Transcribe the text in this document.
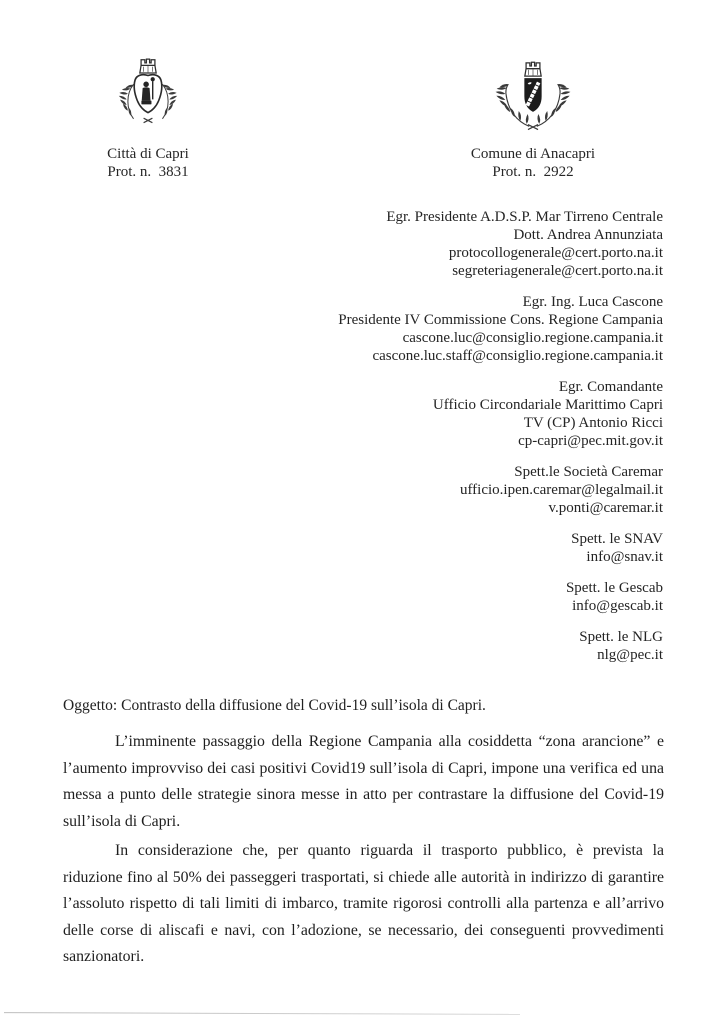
Città di Capri
Prot. n.  3831
Comune di Anacapri
Prot. n.  2922
Egr. Presidente A.D.S.P. Mar Tirreno Centrale
Dott. Andrea Annunziata
protocollogenerale@cert.porto.na.it
segreteriagenerale@cert.porto.na.it
Egr. Ing. Luca Cascone
Presidente IV Commissione Cons. Regione Campania
cascone.luc@consiglio.regione.campania.it
cascone.luc.staff@consiglio.regione.campania.it
Egr. Comandante
Ufficio Circondariale Marittimo Capri
TV (CP) Antonio Ricci
cp-capri@pec.mit.gov.it
Spett.le Società Caremar
ufficio.ipen.caremar@legalmail.it
v.ponti@caremar.it
Spett. le SNAV
info@snav.it
Spett. le Gescab
info@gescab.it
Spett. le NLG
nlg@pec.it
Oggetto: Contrasto della diffusione del Covid-19 sull’isola di Capri.

L’imminente passaggio della Regione Campania alla cosiddetta “zona arancione” e l’aumento improvviso dei casi positivi Covid19 sull’isola di Capri, impone una verifica ed una messa a punto delle strategie sinora messe in atto per contrastare la diffusione del Covid-19 sull’isola di Capri.

In considerazione che, per quanto riguarda il trasporto pubblico, è prevista la riduzione fino al 50% dei passeggeri trasportati, si chiede alle autorità in indirizzo di garantire l’assoluto rispetto di tali limiti di imbarco, tramite rigorosi controlli alla partenza e all’arrivo delle corse di aliscafi e navi, con l’adozione, se necessario, dei conseguenti provvedimenti sanzionatori.
